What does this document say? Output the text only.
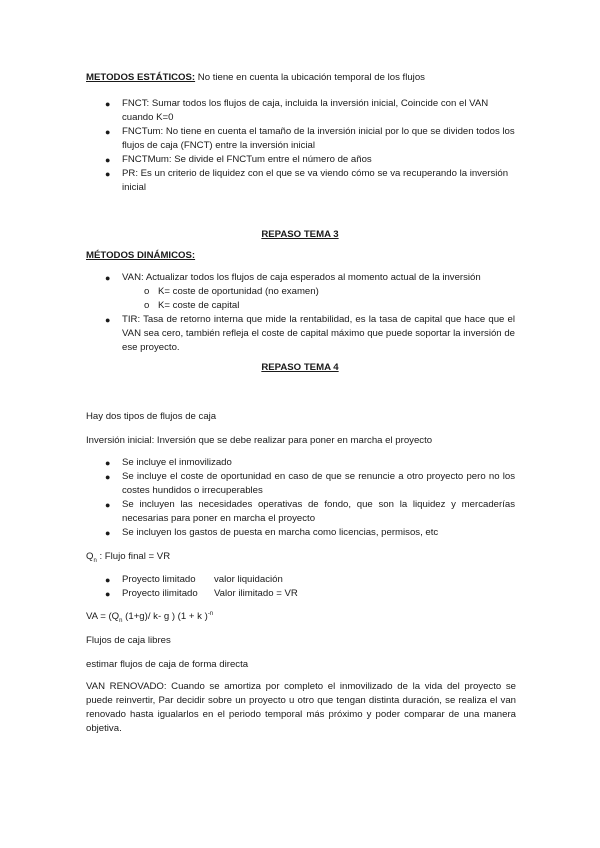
METODOS ESTÁTICOS: No tiene en cuenta la ubicación temporal de los flujos
● FNCT: Sumar todos los flujos de caja, incluida la inversión inicial, Coincide con el VAN cuando K=0
● FNCTum: No tiene en cuenta el tamaño de la inversión inicial por lo que se dividen todos los flujos de caja (FNCT) entre la inversión inicial
● FNCTMum: Se divide el FNCTum entre el número de años
● PR: Es un criterio de liquidez con el que se va viendo cómo se va recuperando la inversión inicial
REPASO TEMA 3
MÉTODOS DINÁMICOS:
● VAN: Actualizar todos los flujos de caja esperados al momento actual de la inversión
o K= coste de oportunidad (no examen)
o K= coste de capital
● TIR: Tasa de retorno interna que mide la rentabilidad, es la tasa de capital que hace que el VAN sea cero, también refleja el coste de capital máximo que puede soportar la inversión de ese proyecto.
REPASO TEMA 4
Hay dos tipos de flujos de caja
Inversión inicial: Inversión que se debe realizar para poner en marcha el proyecto
● Se incluye el inmovilizado
● Se incluye el coste de oportunidad en caso de que se renuncie a otro proyecto pero no los costes hundidos o irrecuperables
● Se incluyen las necesidades operativas de fondo, que son la liquidez y mercaderías necesarias para poner en marcha el proyecto
● Se incluyen los gastos de puesta en marcha como licencias, permisos, etc
$Q_n$ : Flujo final = VR
● Proyecto limitado valor liquidación
● Proyecto ilimitado Valor ilimitado = VR
VA = ($Q_n$ (1+g)/ k- g ) (1 + k )$^{-n}$
Flujos de caja libres
estimar flujos de caja de forma directa
VAN RENOVADO: Cuando se amortiza por completo el inmovilizado de la vida del proyecto se puede reinvertir, Par decidir sobre un proyecto u otro que tengan distinta duración, se realiza el van renovado hasta igualarlos en el periodo temporal más próximo y poder comparar de una manera objetiva.
